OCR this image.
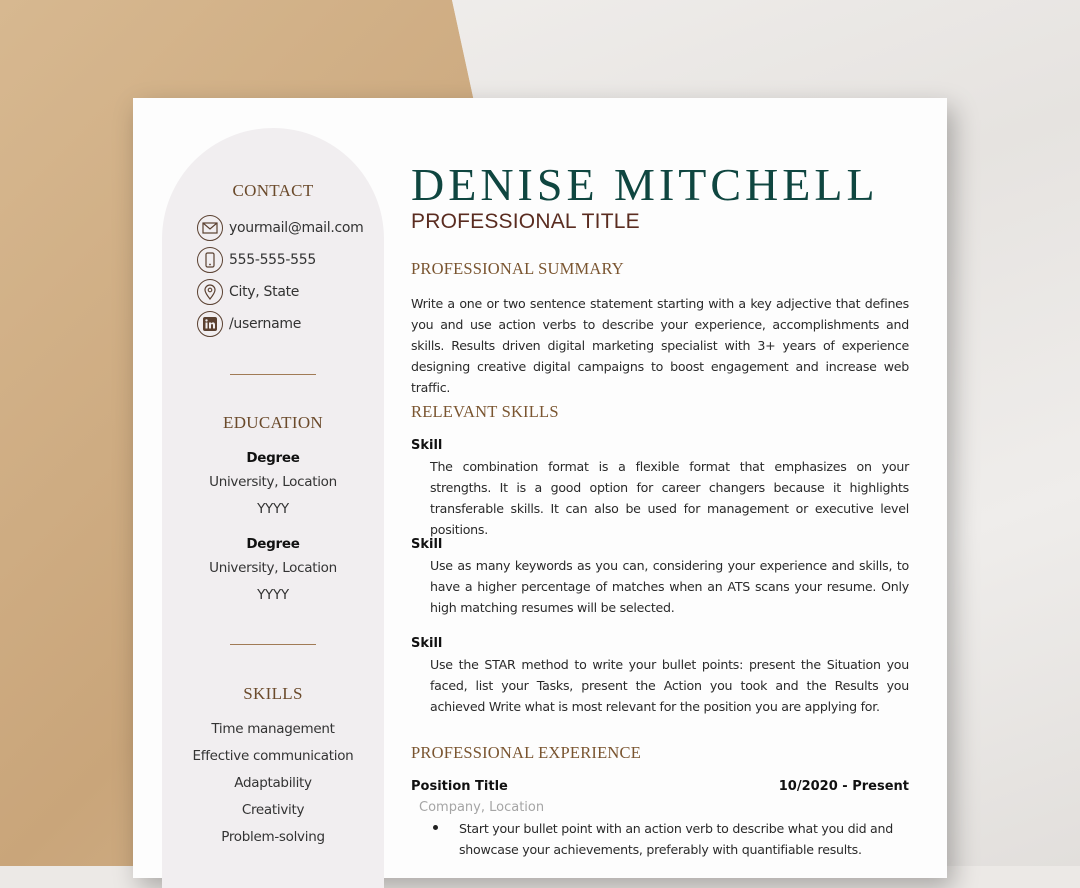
CONTACT
yourmail@mail.com
555-555-555
City, State
/username
EDUCATION
Degree
University, Location
YYYY
Degree
University, Location
YYYY
SKILLS
Time management
Effective communication
Adaptability
Creativity
Problem-solving
DENISE MITCHELL
PROFESSIONAL TITLE
PROFESSIONAL SUMMARY
Write a one or two sentence statement starting with a key adjective that defines you and use action verbs to describe your experience, accomplishments and skills. Results driven digital marketing specialist with 3+ years of experience designing creative digital campaigns to boost engagement and increase web traffic.
RELEVANT SKILLS
Skill
The combination format is a flexible format that emphasizes on your strengths. It is a good option for career changers because it highlights transferable skills. It can also be used for management or executive level positions.
Skill
Use as many keywords as you can, considering your experience and skills, to have a higher percentage of matches when an ATS scans your resume. Only high matching resumes will be selected.
Skill
Use the STAR method to write your bullet points: present the Situation you faced, list your Tasks, present the Action you took and the Results you achieved Write what is most relevant for the position you are applying for.
PROFESSIONAL EXPERIENCE
Position Title	10/2020 - Present
Company, Location
Start your bullet point with an action verb to describe what you did and showcase your achievements, preferably with quantifiable results.
